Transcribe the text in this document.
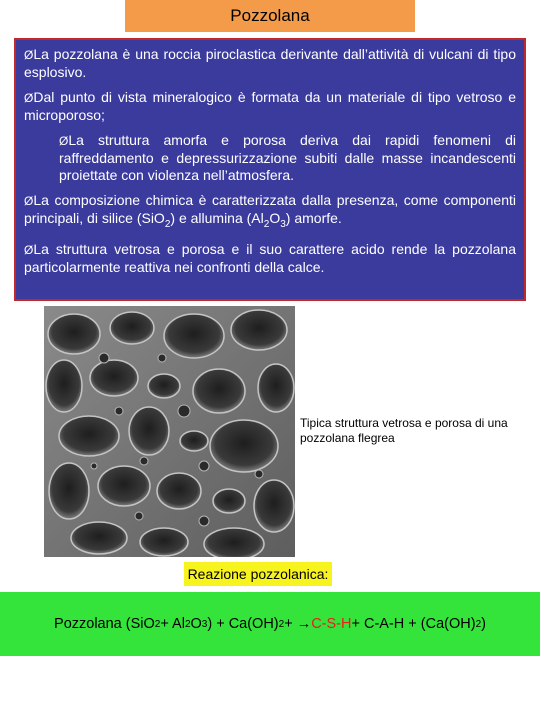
Pozzolana

ØLa pozzolana è una roccia piroclastica derivante dall’attività di vulcani di tipo esplosivo.

ØDal punto di vista mineralogico è formata da un materiale di tipo vetroso e microporoso;

ØLa struttura amorfa e porosa deriva dai rapidi fenomeni di raffreddamento e depressurizzazione subiti dalle masse incandescenti proiettate con violenza nell’atmosfera.

ØLa composizione chimica è caratterizzata dalla presenza, come componenti principali, di silice (SiO$_2$) e allumina $(Al_2O_3)$ amorfe.

ØLa struttura vetrosa e porosa e il suo carattere acido rende la pozzolana particolarmente reattiva nei confronti della calce.

Tipica struttura vetrosa e porosa di una pozzolana flegrea
Reazione pozzolanica:
Pozzolana (SiO 2 + Al 2 O 3 ) + Ca(OH) 2 + → C-S-H + C-A-H + (Ca(OH) 2 )
